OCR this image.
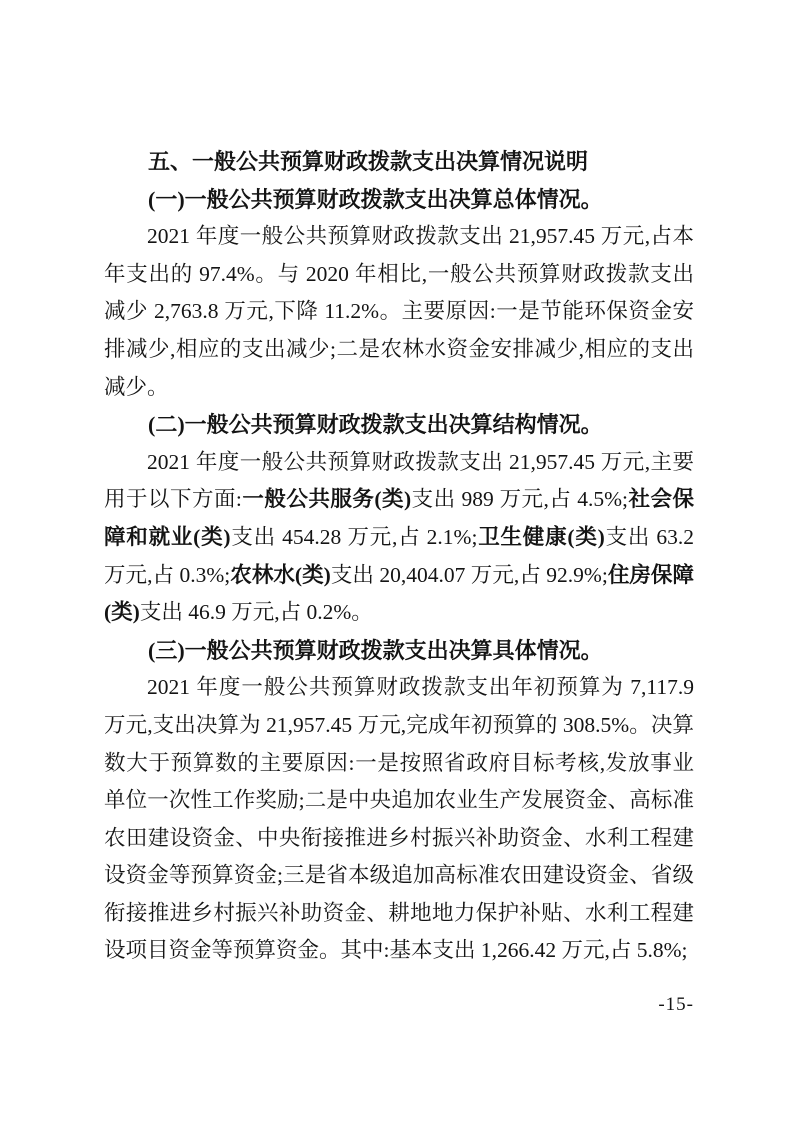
五、一般公共预算财政拨款支出决算情况说明

(一)一般公共预算财政拨款支出决算总体情况。

2021 年度一般公共预算财政拨款支出 21,957.45 万元,占本年支出的 97.4%。与 2020 年相比,一般公共预算财政拨款支出减少 2,763.8 万元,下降 11.2%。主要原因:一是节能环保资金安排减少,相应的支出减少;二是农林水资金安排减少,相应的支出减少。

(二)一般公共预算财政拨款支出决算结构情况。

2021 年度一般公共预算财政拨款支出 21,957.45 万元,主要用于以下方面:一般公共服务(类)支出 989 万元,占 4.5%;社会保障和就业(类)支出 454.28 万元,占 2.1%;卫生健康(类)支出 63.2 万元,占 0.3%;农林水(类)支出 20,404.07 万元,占 92.9%;住房保障(类)支出 46.9 万元,占 0.2%。

(三)一般公共预算财政拨款支出决算具体情况。

2021 年度一般公共预算财政拨款支出年初预算为 7,117.9 万元,支出决算为 21,957.45 万元,完成年初预算的 308.5%。决算数大于预算数的主要原因:一是按照省政府目标考核,发放事业单位一次性工作奖励;二是中央追加农业生产发展资金、高标准农田建设资金、中央衔接推进乡村振兴补助资金、水利工程建设资金等预算资金;三是省本级追加高标准农田建设资金、省级衔接推进乡村振兴补助资金、耕地地力保护补贴、水利工程建设项目资金等预算资金。其中:基本支出 1,266.42 万元,占 5.8%;

-15-
